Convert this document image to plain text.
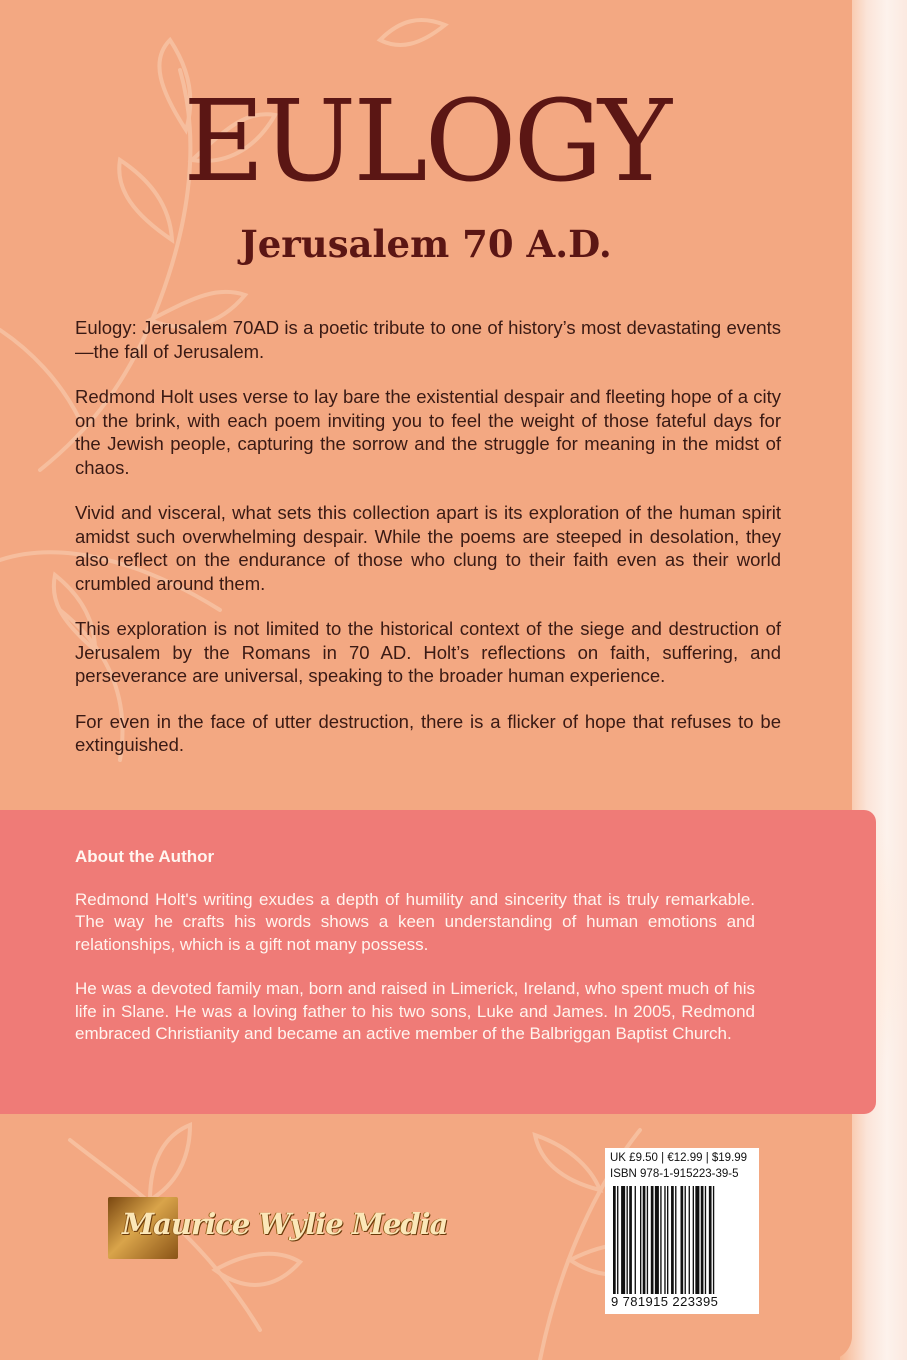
EULOGY
Jerusalem 70 A.D.

Eulogy: Jerusalem 70AD is a poetic tribute to one of history’s most devastating events—the fall of Jerusalem.

Redmond Holt uses verse to lay bare the existential despair and fleeting hope of a city on the brink, with each poem inviting you to feel the weight of those fateful days for the Jewish people, capturing the sorrow and the struggle for meaning in the midst of chaos.

Vivid and visceral, what sets this collection apart is its exploration of the human spirit amidst such overwhelming despair. While the poems are steeped in desolation, they also reflect on the endurance of those who clung to their faith even as their world crumbled around them.

This exploration is not limited to the historical context of the siege and destruction of Jerusalem by the Romans in 70 AD. Holt’s reflections on faith, suffering, and perseverance are universal, speaking to the broader human experience.

For even in the face of utter destruction, there is a flicker of hope that refuses to be extinguished.

About the Author

Redmond Holt's writing exudes a depth of humility and sincerity that is truly remarkable. The way he crafts his words shows a keen understanding of human emotions and relationships, which is a gift not many possess.

He was a devoted family man, born and raised in Limerick, Ireland, who spent much of his life in Slane. He was a loving father to his two sons, Luke and James. In 2005, Redmond embraced Christianity and became an active member of the Balbriggan Baptist Church.

Maurice Wylie Media
UK £9.50 | €12.99 | $19.99
ISBN 978-1-915223-39-5
9 781915 223395
